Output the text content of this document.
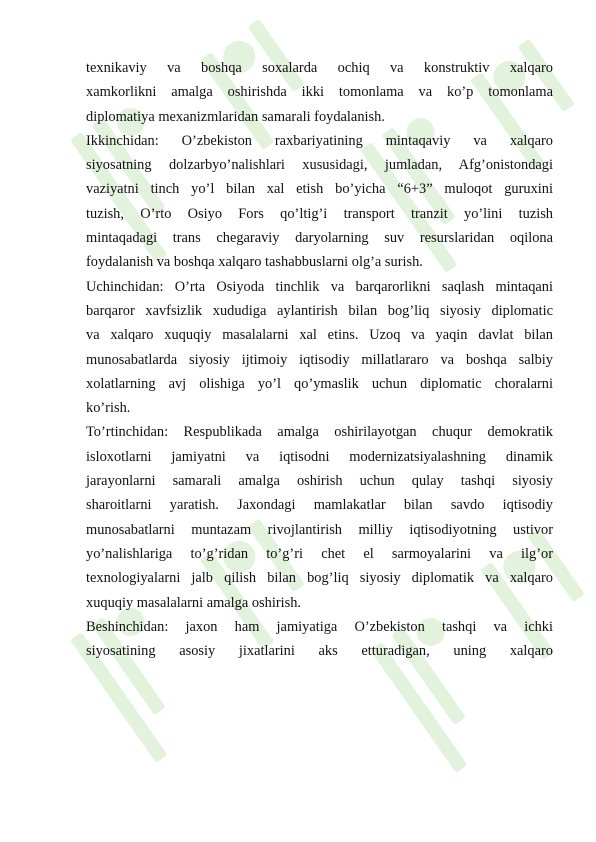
texnikaviy va boshqa soxalarda ochiq va konstruktiv xalqaro
xamkorlikni amalga oshirishda ikki tomonlama va ko’p tomonlama
diplomatiya mexanizmlaridan samarali foydalanish.
Ikkinchidan: O’zbekiston raxbariyatining mintaqaviy va xalqaro
siyosatning dolzarbyo’nalishlari xususidagi, jumladan, Afg’onistondagi
vaziyatni tinch yo’l bilan xal etish bo’yicha “6+3” muloqot guruxini
tuzish, O’rto Osiyo Fors qo’ltig’i transport tranzit yo’lini tuzish
mintaqadagi trans chegaraviy daryolarning suv resurslaridan oqilona
foydalanish va boshqa xalqaro tashabbuslarni olg’a surish.
Uchinchidan: O’rta Osiyoda tinchlik va barqarorlikni saqlash mintaqani
barqaror xavfsizlik xududiga aylantirish bilan bog’liq siyosiy diplomatic
va xalqaro xuquqiy masalalarni xal etins. Uzoq va yaqin davlat bilan
munosabatlarda siyosiy ijtimoiy iqtisodiy millatlararo va boshqa salbiy
xolatlarning avj olishiga yo’l qo’ymaslik uchun diplomatic choralarni
ko’rish.
To’rtinchidan: Respublikada amalga oshirilayotgan chuqur demokratik
isloxotlarni jamiyatni va iqtisodni modernizatsiyalashning dinamik
jarayonlarni samarali amalga oshirish uchun qulay tashqi siyosiy
sharoitlarni yaratish. Jaxondagi mamlakatlar bilan savdo iqtisodiy
munosabatlarni muntazam rivojlantirish milliy iqtisodiyotning ustivor
yo’nalishlariga to’g’ridan to’g’ri chet el sarmoyalarini va ilg’or
texnologiyalarni jalb qilish bilan bog’liq siyosiy diplomatik va xalqaro
xuquqiy masalalarni amalga oshirish.
Beshinchidan: jaxon ham jamiyatiga O’zbekiston tashqi va ichki
siyosatining asosiy jixatlarini aks etturadigan, uning xalqaro
